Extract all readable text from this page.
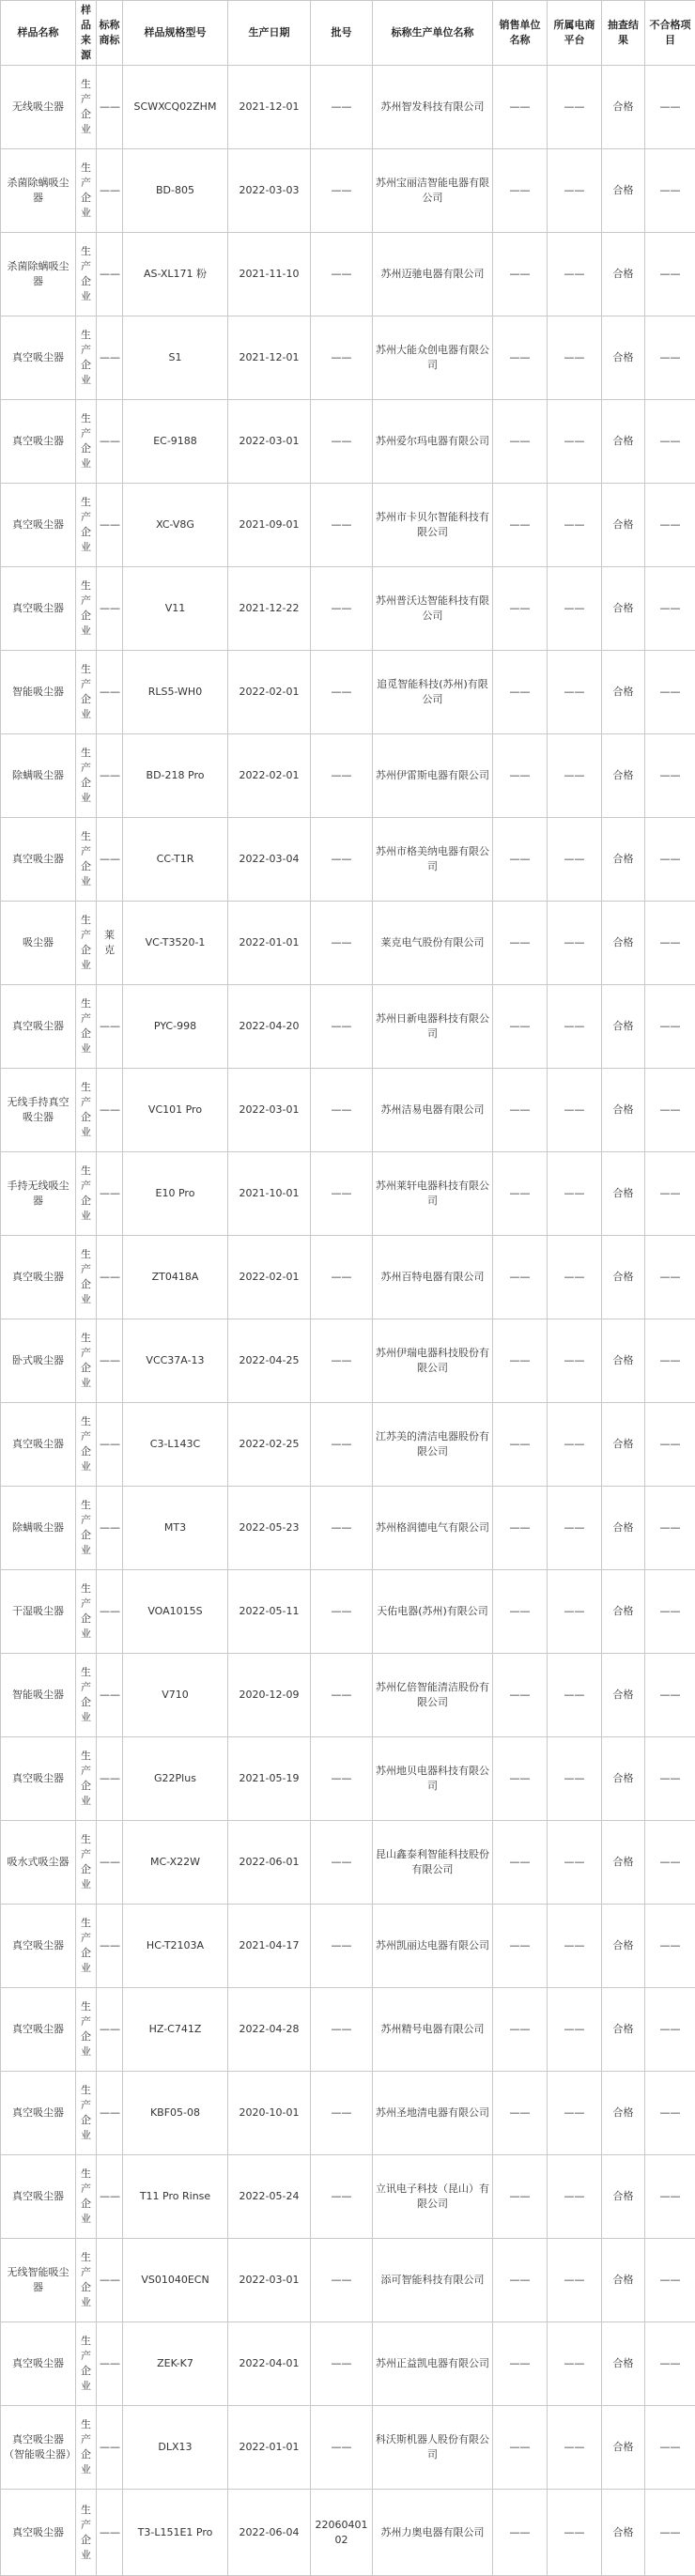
样品名称	样品来源	标称商标	样品规格型号	生产日期	批号	标称生产单位名称	销售单位名称	所属电商平台	抽查结果	不合格项目
无线吸尘器	生产企业	——	SCWXCQ02ZHM	2021-12-01	——	苏州智发科技有限公司	——	——	合格	——
杀菌除螨吸尘器	生产企业	——	BD-805	2022-03-03	——	苏州宝丽洁智能电器有限公司	——	——	合格	——
杀菌除螨吸尘器	生产企业	——	AS-XL171 粉	2021-11-10	——	苏州迈驰电器有限公司	——	——	合格	——
真空吸尘器	生产企业	——	S1	2021-12-01	——	苏州大能众创电器有限公司	——	——	合格	——
真空吸尘器	生产企业	——	EC-9188	2022-03-01	——	苏州爱尔玛电器有限公司	——	——	合格	——
真空吸尘器	生产企业	——	XC-V8G	2021-09-01	——	苏州市卡贝尔智能科技有限公司	——	——	合格	——
真空吸尘器	生产企业	——	V11	2021-12-22	——	苏州普沃达智能科技有限公司	——	——	合格	——
智能吸尘器	生产企业	——	RLS5-WH0	2022-02-01	——	追觅智能科技(苏州)有限公司	——	——	合格	——
除螨吸尘器	生产企业	——	BD-218 Pro	2022-02-01	——	苏州伊雷斯电器有限公司	——	——	合格	——
真空吸尘器	生产企业	——	CC-T1R	2022-03-04	——	苏州市格美纳电器有限公司	——	——	合格	——
吸尘器	生产企业	莱克	VC-T3520-1	2022-01-01	——	莱克电气股份有限公司	——	——	合格	——
真空吸尘器	生产企业	——	PYC-998	2022-04-20	——	苏州日新电器科技有限公司	——	——	合格	——
无线手持真空吸尘器	生产企业	——	VC101 Pro	2022-03-01	——	苏州洁易电器有限公司	——	——	合格	——
手持无线吸尘器	生产企业	——	E10 Pro	2021-10-01	——	苏州莱轩电器科技有限公司	——	——	合格	——
真空吸尘器	生产企业	——	ZT0418A	2022-02-01	——	苏州百特电器有限公司	——	——	合格	——
卧式吸尘器	生产企业	——	VCC37A-13	2022-04-25	——	苏州伊瑞电器科技股份有限公司	——	——	合格	——
真空吸尘器	生产企业	——	C3-L143C	2022-02-25	——	江苏美的清洁电器股份有限公司	——	——	合格	——
除螨吸尘器	生产企业	——	MT3	2022-05-23	——	苏州格润德电气有限公司	——	——	合格	——
干湿吸尘器	生产企业	——	VOA1015S	2022-05-11	——	天佑电器(苏州)有限公司	——	——	合格	——
智能吸尘器	生产企业	——	V710	2020-12-09	——	苏州亿倍智能清洁股份有限公司	——	——	合格	——
真空吸尘器	生产企业	——	G22Plus	2021-05-19	——	苏州地贝电器科技有限公司	——	——	合格	——
吸水式吸尘器	生产企业	——	MC-X22W	2022-06-01	——	昆山鑫泰利智能科技股份有限公司	——	——	合格	——
真空吸尘器	生产企业	——	HC-T2103A	2021-04-17	——	苏州凯丽达电器有限公司	——	——	合格	——
真空吸尘器	生产企业	——	HZ-C741Z	2022-04-28	——	苏州精号电器有限公司	——	——	合格	——
真空吸尘器	生产企业	——	KBF05-08	2020-10-01	——	苏州圣地清电器有限公司	——	——	合格	——
真空吸尘器	生产企业	——	T11 Pro Rinse	2022-05-24	——	立讯电子科技（昆山）有限公司	——	——	合格	——
无线智能吸尘器	生产企业	——	VS01040ECN	2022-03-01	——	添可智能科技有限公司	——	——	合格	——
真空吸尘器	生产企业	——	ZEK-K7	2022-04-01	——	苏州正益凯电器有限公司	——	——	合格	——
真空吸尘器（智能吸尘器）	生产企业	——	DLX13	2022-01-01	——	科沃斯机器人股份有限公司	——	——	合格	——
真空吸尘器	生产企业	——	T3-L151E1 Pro	2022-06-04	2206040102	苏州力奥电器有限公司	——	——	合格	——
